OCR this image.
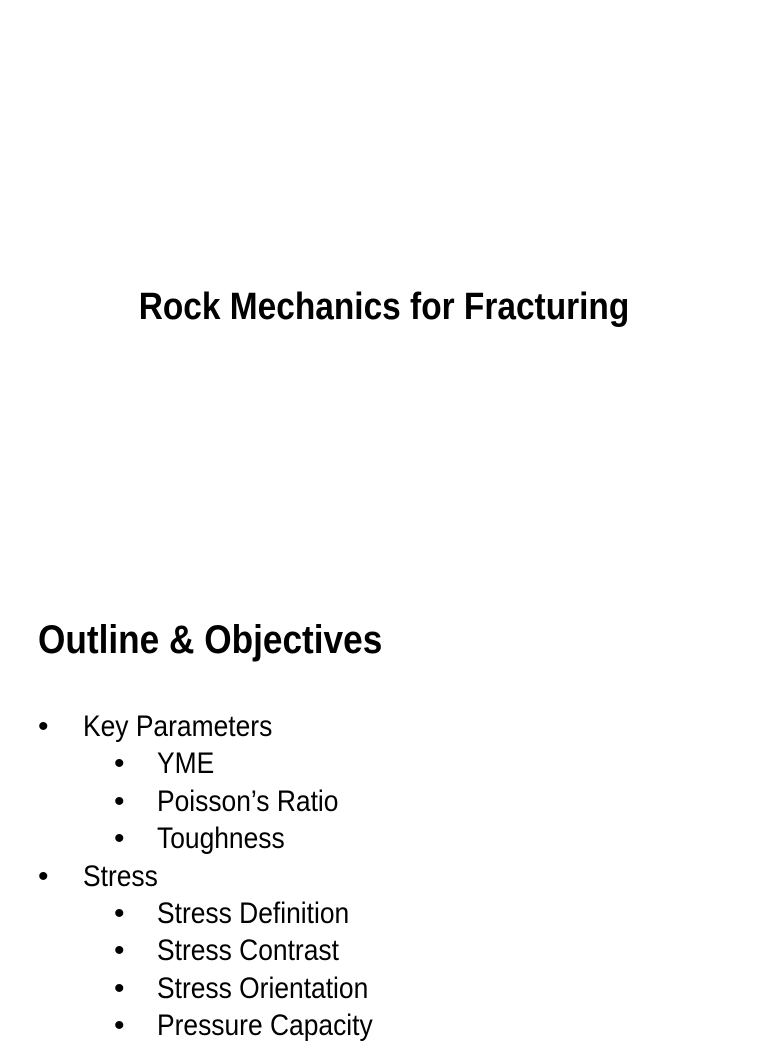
Rock Mechanics for Fracturing
Outline & Objectives
• Key Parameters
• YME
• Poisson’s Ratio
• Toughness
• Stress
• Stress Definition
• Stress Contrast
• Stress Orientation
• Pressure Capacity
